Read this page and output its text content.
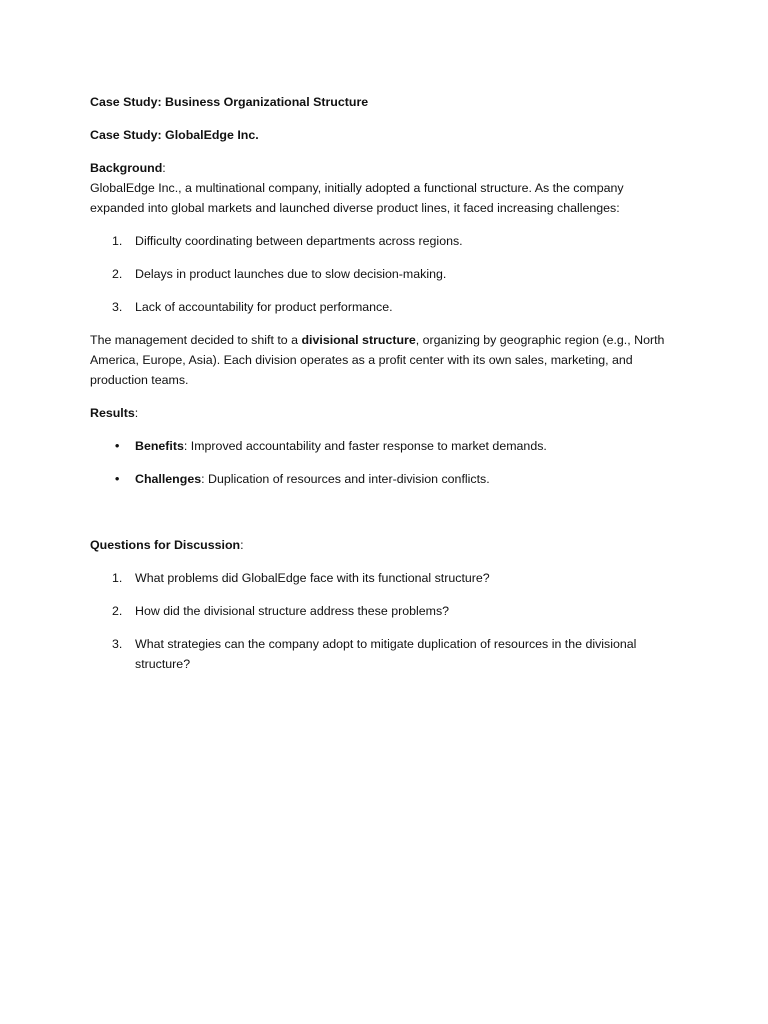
Case Study: Business Organizational Structure

Case Study: GlobalEdge Inc.

Background:

GlobalEdge Inc., a multinational company, initially adopted a functional structure. As the company expanded into global markets and launched diverse product lines, it faced increasing challenges:

1. Difficulty coordinating between departments across regions.
2. Delays in product launches due to slow decision-making.
3. Lack of accountability for product performance.

The management decided to shift to a divisional structure, organizing by geographic region (e.g., North America, Europe, Asia). Each division operates as a profit center with its own sales, marketing, and production teams.

Results:

• Benefits: Improved accountability and faster response to market demands.
• Challenges: Duplication of resources and inter-division conflicts.

Questions for Discussion:

1. What problems did GlobalEdge face with its functional structure?
2. How did the divisional structure address these problems?
3. What strategies can the company adopt to mitigate duplication of resources in the divisional structure?
